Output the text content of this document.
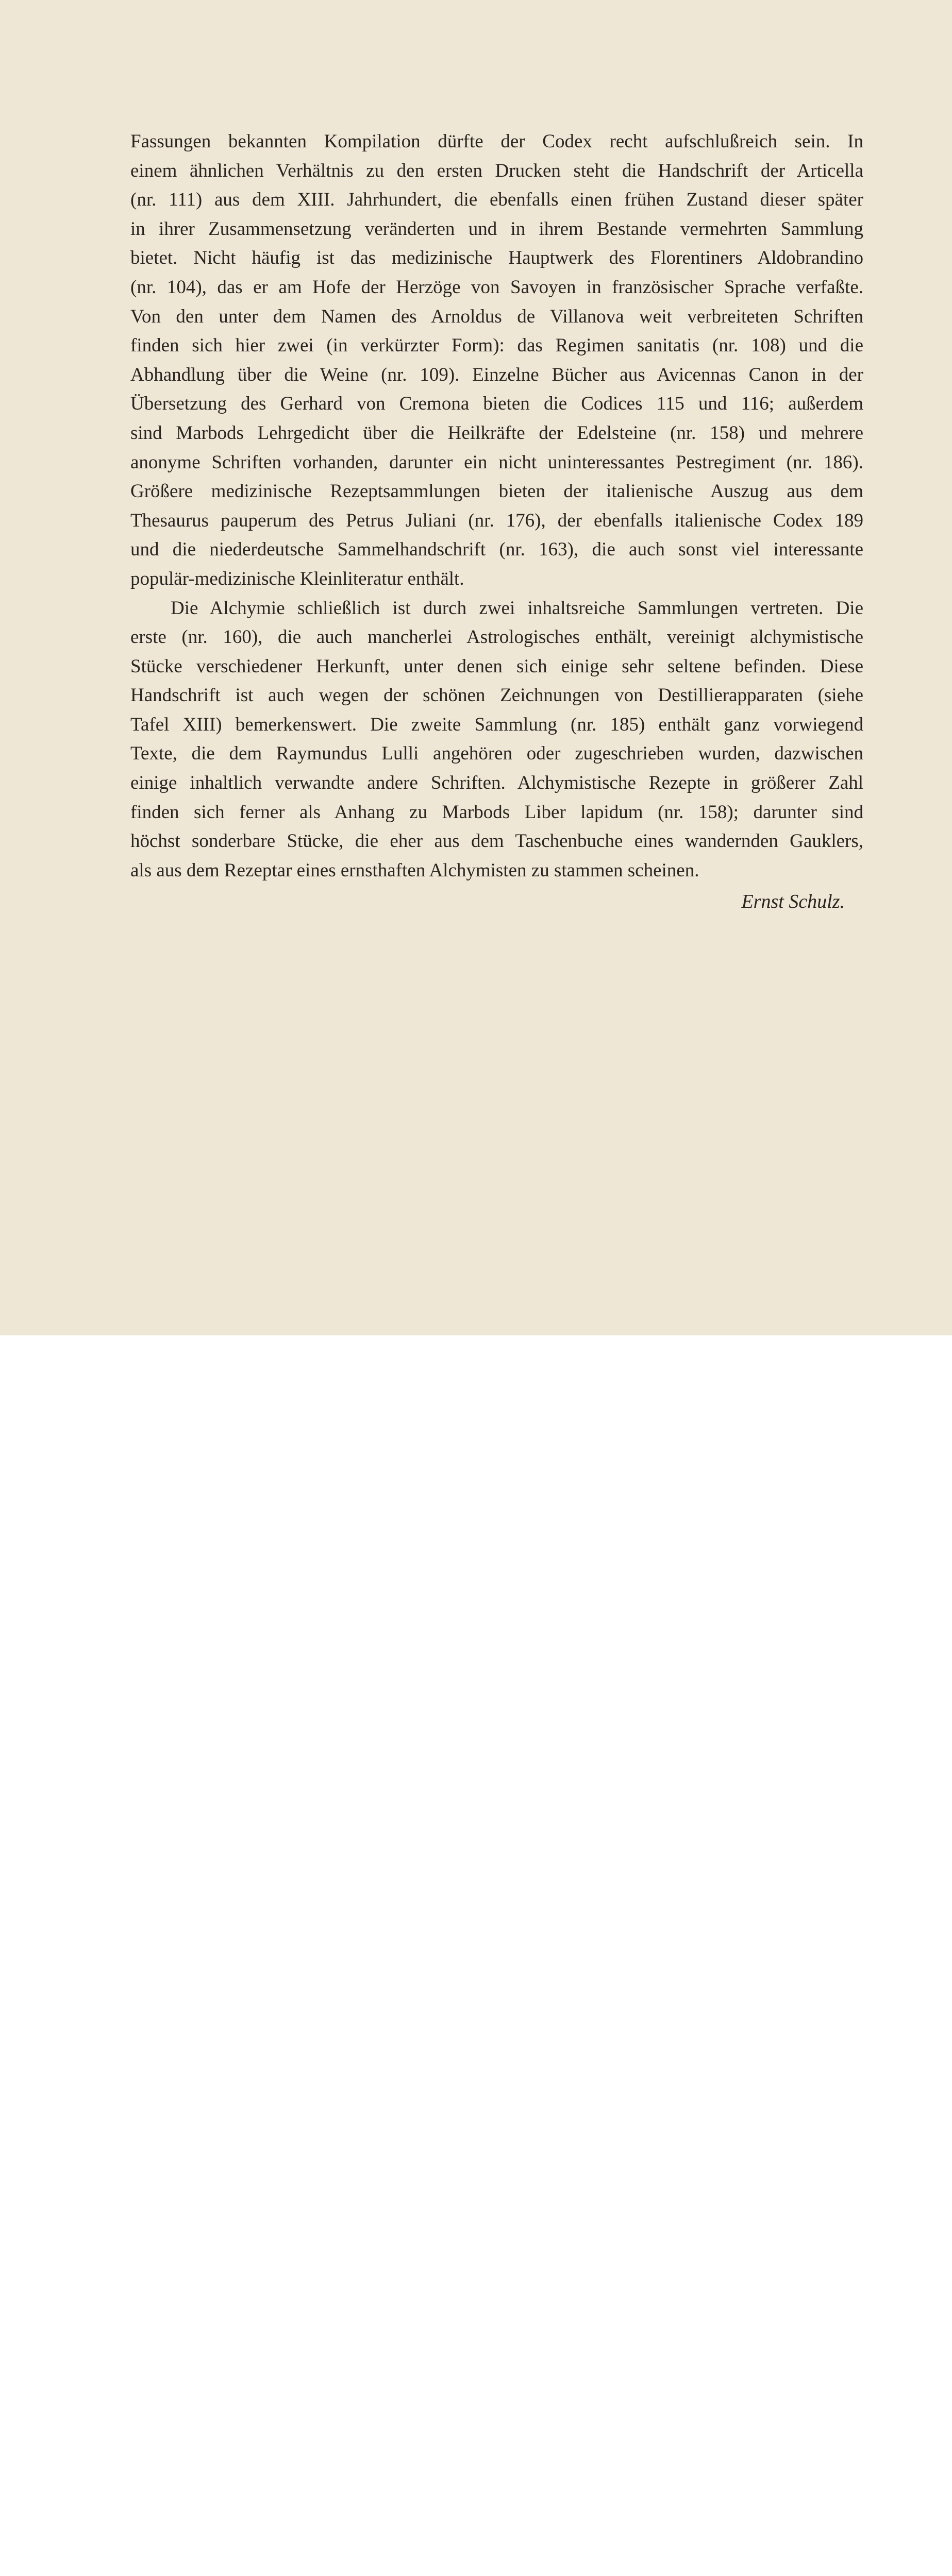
Fassungen bekannten Kompilation dürfte der Codex recht aufschlußreich sein. In
einem ähnlichen Verhältnis zu den ersten Drucken steht die Handschrift der Articella
(nr. 111) aus dem XIII. Jahrhundert, die ebenfalls einen frühen Zustand dieser später
in ihrer Zusammensetzung veränderten und in ihrem Bestande vermehrten Sammlung
bietet. Nicht häufig ist das medizinische Hauptwerk des Florentiners Aldobrandino
(nr. 104), das er am Hofe der Herzöge von Savoyen in französischer Sprache verfaßte.
Von den unter dem Namen des Arnoldus de Villanova weit verbreiteten Schriften
finden sich hier zwei (in verkürzter Form): das Regimen sanitatis (nr. 108) und die
Abhandlung über die Weine (nr. 109). Einzelne Bücher aus Avicennas Canon in der
Übersetzung des Gerhard von Cremona bieten die Codices 115 und 116; außerdem
sind Marbods Lehrgedicht über die Heilkräfte der Edelsteine (nr. 158) und mehrere
anonyme Schriften vorhanden, darunter ein nicht uninteressantes Pestregiment (nr. 186).
Größere medizinische Rezeptsammlungen bieten der italienische Auszug aus dem
Thesaurus pauperum des Petrus Juliani (nr. 176), der ebenfalls italienische Codex 189
und die niederdeutsche Sammelhandschrift (nr. 163), die auch sonst viel interessante
populär-medizinische Kleinliteratur enthält.
Die Alchymie schließlich ist durch zwei inhaltsreiche Sammlungen vertreten. Die
erste (nr. 160), die auch mancherlei Astrologisches enthält, vereinigt alchymistische
Stücke verschiedener Herkunft, unter denen sich einige sehr seltene befinden. Diese
Handschrift ist auch wegen der schönen Zeichnungen von Destillierapparaten (siehe
Tafel XIII) bemerkenswert. Die zweite Sammlung (nr. 185) enthält ganz vorwiegend
Texte, die dem Raymundus Lulli angehören oder zugeschrieben wurden, dazwischen
einige inhaltlich verwandte andere Schriften. Alchymistische Rezepte in größerer Zahl
finden sich ferner als Anhang zu Marbods Liber lapidum (nr. 158); darunter sind
höchst sonderbare Stücke, die eher aus dem Taschenbuche eines wandernden Gauklers,
als aus dem Rezeptar eines ernsthaften Alchymisten zu stammen scheinen.
Ernst Schulz.
